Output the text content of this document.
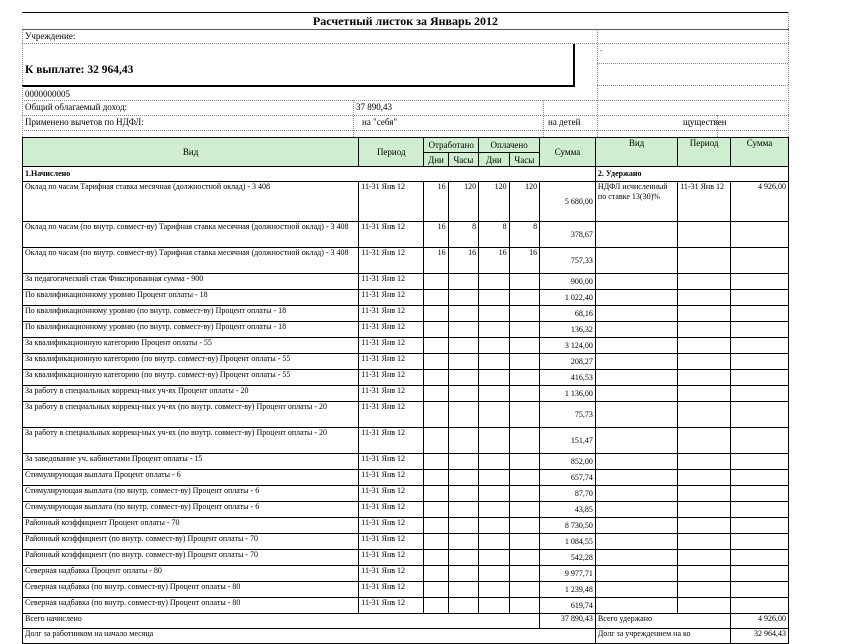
Расчетный листок за Январь 2012
Учреждение:
К выплате: 32 964,43
0000000005
Общий облагаемый доход:	37 890,43
Применено вычетов по НДФЛ:	на "себя"	на детей	щуществен
.
Вид	Период	Отработано		Оплачено		Сумма	Вид	Период	Сумма
		Дни	Часы	Дни	Часы				
1.Начислено							2. Удержано		
Оклад по часам Тарифная ставка месячная (должностной оклад) - 3 408	11-31 Янв 12	16	120	120	120	5 680,00	НДФЛ исчисленный по ставке 13(30)%	11-31 Янв 12	4 926,00
Оклад по часам (по внутр. совмест-ву) Тарифная ставка месячная (должностной оклад) - 3 408	11-31 Янв 12	16	8	8	8	378,67			
Оклад по часам (по внутр. совмест-ву) Тарифная ставка месячная (должностной оклад) - 3 408	11-31 Янв 12	16	16	16	16	757,33			
За педагогический стаж Фиксированная сумма - 900	11-31 Янв 12					900,00			
По квалификационному уровню Процент оплаты - 18	11-31 Янв 12					1 022,40			
По квалификационному уровню (по внутр. совмест-ву) Процент оплаты - 18	11-31 Янв 12					68,16			
По квалификационному уровню (по внутр. совмест-ву) Процент оплаты - 18	11-31 Янв 12					136,32			
За квалификационную категорию Процент оплаты - 55	11-31 Янв 12					3 124,00			
За квалификационную категорию (по внутр. совмест-ву) Процент оплаты - 55	11-31 Янв 12					208,27			
За квалификационную категорию (по внутр. совмест-ву) Процент оплаты - 55	11-31 Янв 12					416,53			
За работу в специальных коррекц-ных уч-ях Процент оплаты - 20	11-31 Янв 12					1 136,00			
За работу в специальных коррекц-ных уч-ях (по внутр. совмест-ву) Процент оплаты - 20	11-31 Янв 12					75,73			
За работу в специальных коррекц-ных уч-ях (по внутр. совмест-ву) Процент оплаты - 20	11-31 Янв 12					151,47			
За заведование уч. кабинетами Процент оплаты - 15	11-31 Янв 12					852,00			
Стимулирующая выплата Процент оплаты - 6	11-31 Янв 12					657,74			
Стимулирующая выплата (по внутр. совмест-ву) Процент оплаты - 6	11-31 Янв 12					87,70			
Стимулирующая выплата (по внутр. совмест-ву) Процент оплаты - 6	11-31 Янв 12					43,85			
Районный коэффициент Процент оплаты - 70	11-31 Янв 12					8 730,50			
Районный коэффициент (по внутр. совмест-ву) Процент оплаты - 70	11-31 Янв 12					1 084,55			
Районный коэффициент (по внутр. совмест-ву) Процент оплаты - 70	11-31 Янв 12					542,28			
Северная надбавка Процент оплаты - 80	11-31 Янв 12					9 977,71			
Северная надбавка (по внутр. совмест-ву) Процент оплаты - 80	11-31 Янв 12					1 239,48			
Северная надбавка (по внутр. совмест-ву) Процент оплаты - 80	11-31 Янв 12					619,74			
Всего начислено						37 890,43	Всего удержано		4 926,00
Долг за работником на начало месяца							Долг за учреждением на ко		32 964,43
